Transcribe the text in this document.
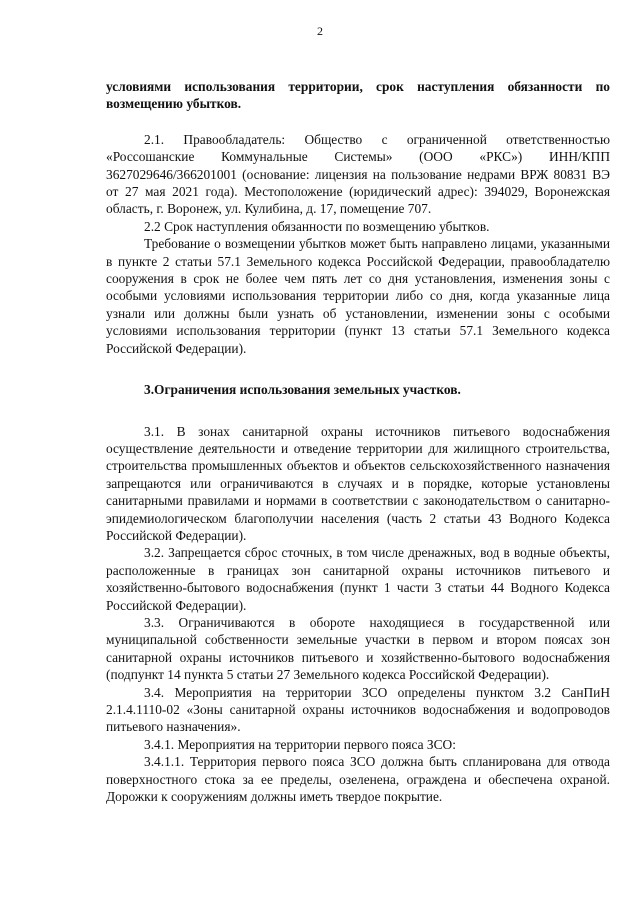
2

условиями использования территории, срок наступления обязанности по возмещению убытков.

2.1. Правообладатель: Общество с ограниченной ответственностью «Россошанские Коммунальные Системы» (ООО «РКС») ИНН/КПП 3627029646/366201001 (основание: лицензия на пользование недрами ВРЖ 80831 ВЭ от 27 мая 2021 года). Местоположение (юридический адрес): 394029, Воронежская область, г. Воронеж, ул. Кулибина, д. 17, помещение 707.

2.2 Срок наступления обязанности по возмещению убытков.

Требование о возмещении убытков может быть направлено лицами, указанными в пункте 2 статьи 57.1 Земельного кодекса Российской Федерации, правообладателю сооружения в срок не более чем пять лет со дня установления, изменения зоны с особыми условиями использования территории либо со дня, когда указанные лица узнали или должны были узнать об установлении, изменении зоны с особыми условиями использования территории (пункт 13 статьи 57.1 Земельного кодекса Российской Федерации).

3.Ограничения использования земельных участков.

3.1. В зонах санитарной охраны источников питьевого водоснабжения осуществление деятельности и отведение территории для жилищного строительства, строительства промышленных объектов и объектов сельскохозяйственного назначения запрещаются или ограничиваются в случаях и в порядке, которые установлены санитарными правилами и нормами в соответствии с законодательством о санитарно-эпидемиологическом благополучии населения (часть 2 статьи 43 Водного Кодекса Российской Федерации).

3.2. Запрещается сброс сточных, в том числе дренажных, вод в водные объекты, расположенные в границах зон санитарной охраны источников питьевого и хозяйственно-бытового водоснабжения (пункт 1 части 3 статьи 44 Водного Кодекса Российской Федерации).

3.3. Ограничиваются в обороте находящиеся в государственной или муниципальной собственности земельные участки в первом и втором поясах зон санитарной охраны источников питьевого и хозяйственно-бытового водоснабжения (подпункт 14 пункта 5 статьи 27 Земельного кодекса Российской Федерации).

3.4. Мероприятия на территории ЗСО определены пунктом 3.2 СанПиН 2.1.4.1110-02 «Зоны санитарной охраны источников водоснабжения и водопроводов питьевого назначения».

3.4.1. Мероприятия на территории первого пояса ЗСО:

3.4.1.1. Территория первого пояса ЗСО должна быть спланирована для отвода поверхностного стока за ее пределы, озеленена, ограждена и обеспечена охраной. Дорожки к сооружениям должны иметь твердое покрытие.
